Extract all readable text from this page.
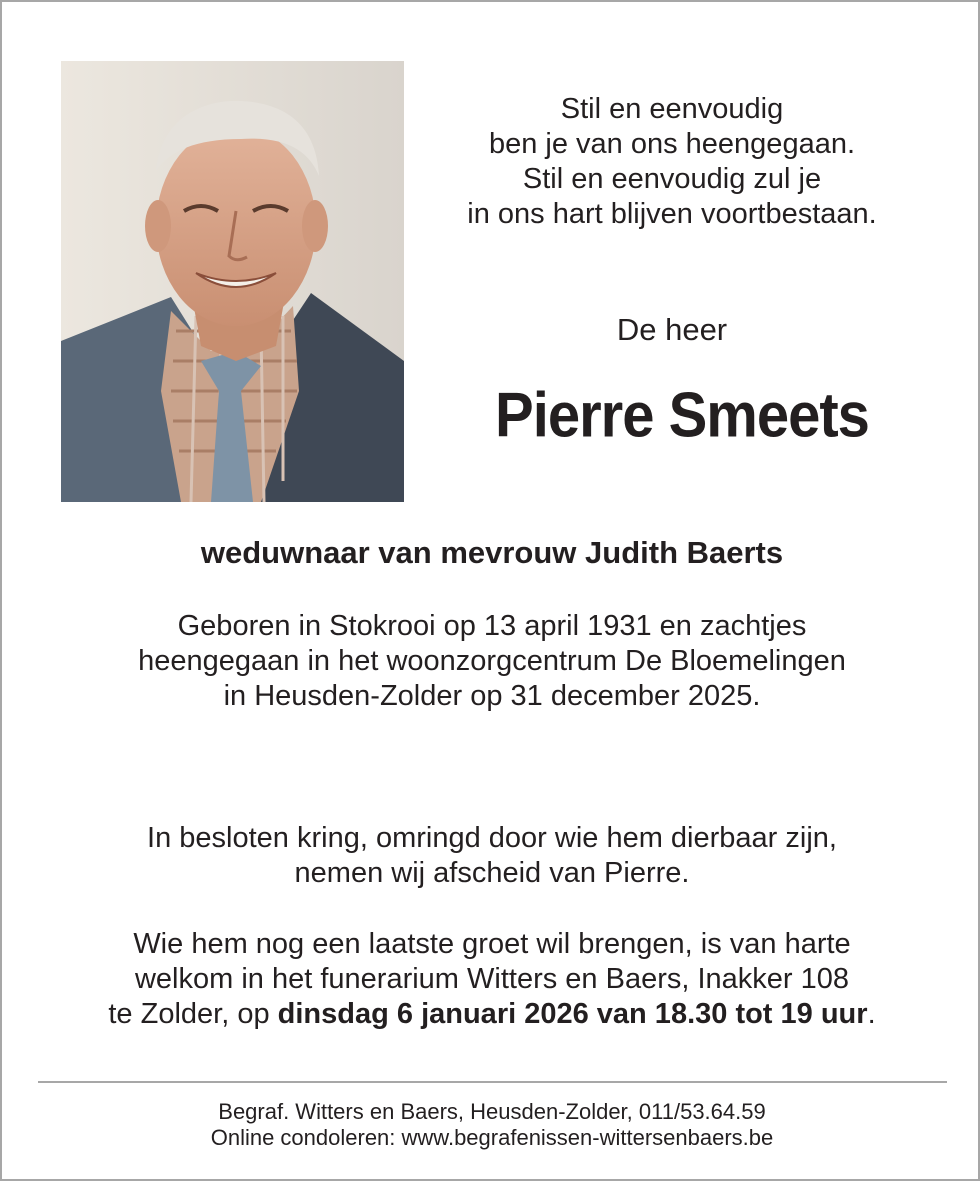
Stil en eenvoudig
ben je van ons heengegaan.
Stil en eenvoudig zul je
in ons hart blijven voortbestaan.
De heer
Pierre Smeets
weduwnaar van mevrouw Judith Baerts
Geboren in Stokrooi op 13 april 1931 en zachtjes
heengegaan in het woonzorgcentrum De Bloemelingen
in Heusden-Zolder op 31 december 2025.
In besloten kring, omringd door wie hem dierbaar zijn,
nemen wij afscheid van Pierre.
Wie hem nog een laatste groet wil brengen, is van harte
welkom in het funerarium Witters en Baers, Inakker 108
te Zolder, op dinsdag 6 januari 2026 van 18.30 tot 19 uur.
Begraf. Witters en Baers, Heusden-Zolder, 011/53.64.59
Online condoleren: www.begrafenissen-wittersenbaers.be
